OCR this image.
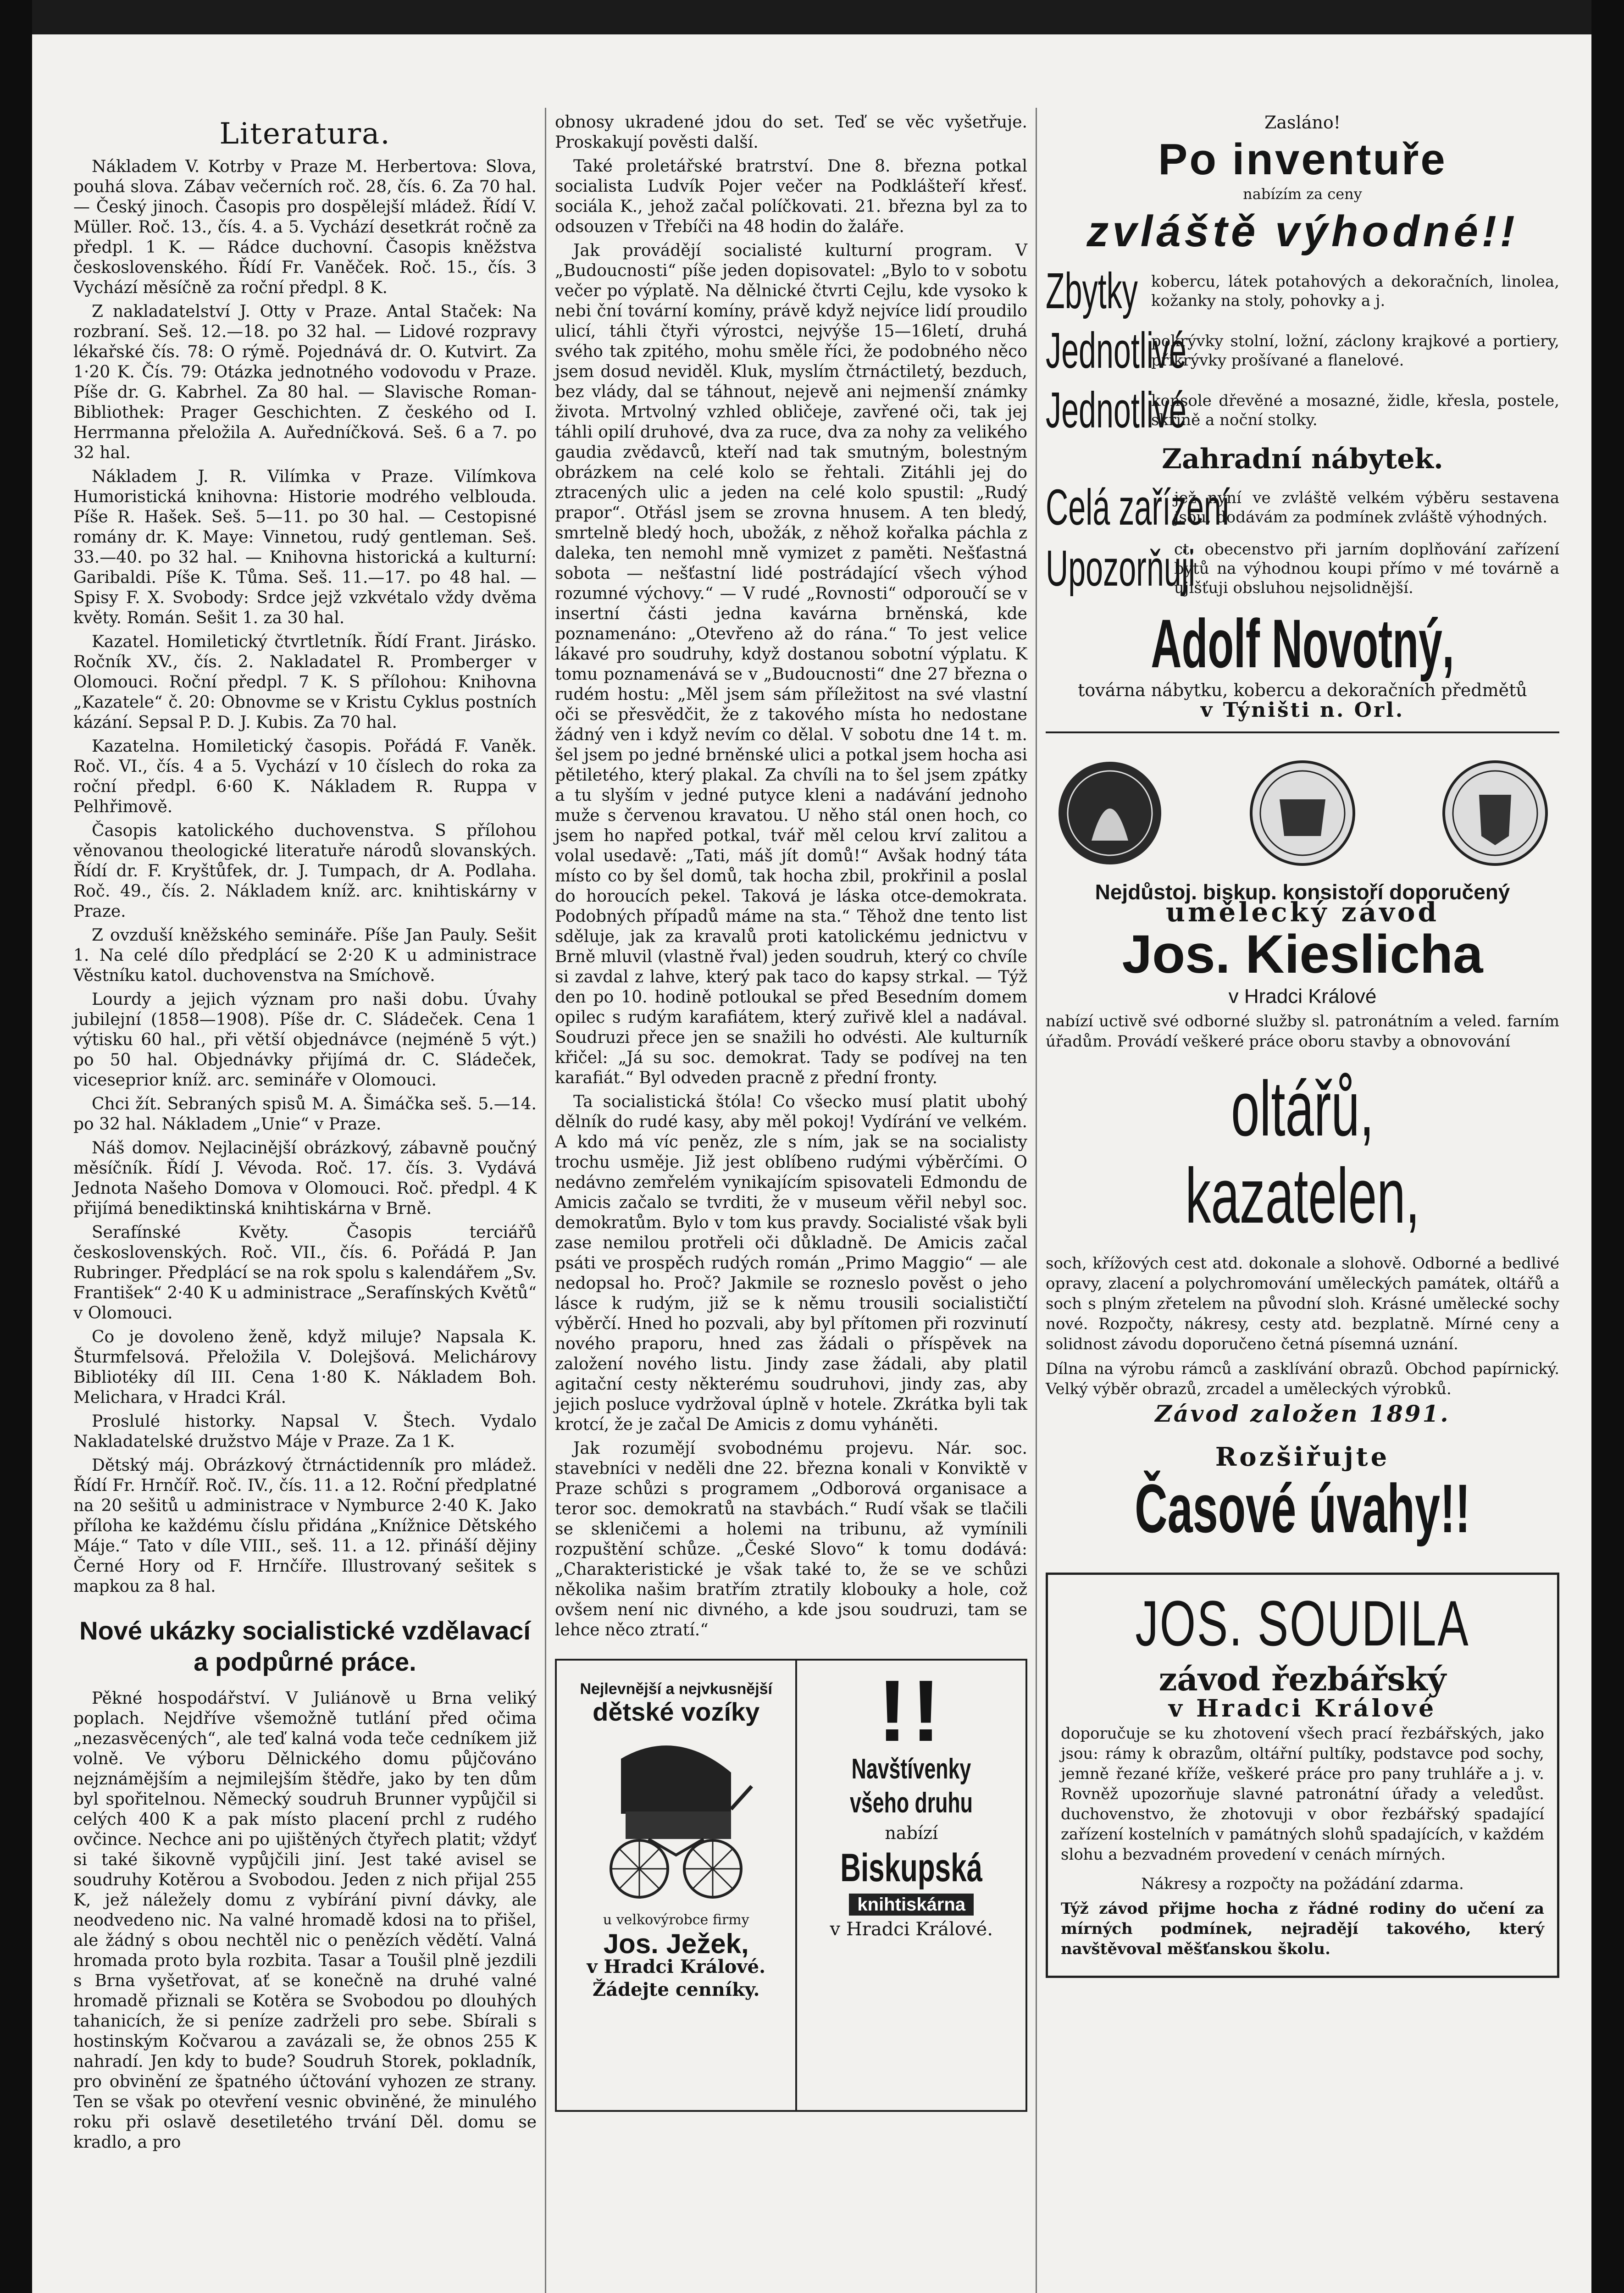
Literatura.

Nákladem V. Kotrby v Praze M. Herbertova: Slova, pouhá slova. Zábav večerních roč. 28, čís. 6. Za 70 hal. — Český jinoch. Časopis pro dospělejší mládež. Řídí V. Müller. Roč. 13., čís. 4. a 5. Vychází desetkrát ročně za předpl. 1 K. — Rádce duchovní. Časopis kněžstva československého. Řídí Fr. Vaněček. Roč. 15., čís. 3 Vychází měsíčně za roční předpl. 8 K.

Z nakladatelství J. Otty v Praze. Antal Staček: Na rozbraní. Seš. 12.—18. po 32 hal. — Lidové rozpravy lékařské čís. 78: O rýmě. Pojednává dr. O. Kutvirt. Za 1·20 K. Čís. 79: Otázka jednotného vodovodu v Praze. Píše dr. G. Kabrhel. Za 80 hal. — Slavische Roman-Bibliothek: Prager Geschichten. Z českého od I. Herrmanna přeložila A. Auředníčková. Seš. 6 a 7. po 32 hal.

Nákladem J. R. Vilímka v Praze. Vilímkova Humoristická knihovna: Historie modrého velblouda. Píše R. Hašek. Seš. 5—11. po 30 hal. — Cestopisné romány dr. K. Maye: Vinnetou, rudý gentleman. Seš. 33.—40. po 32 hal. — Knihovna historická a kulturní: Garibaldi. Píše K. Tůma. Seš. 11.—17. po 48 hal. — Spisy F. X. Svobody: Srdce jejž vzkvétalo vždy dvěma květy. Román. Sešit 1. za 30 hal.

Kazatel. Homiletický čtvrtletník. Řídí Frant. Jirásko. Ročník XV., čís. 2. Nakladatel R. Promberger v Olomouci. Roční předpl. 7 K. S přílohou: Knihovna „Kazatele“ č. 20: Obnovme se v Kristu Cyklus postních kázání. Sepsal P. D. J. Kubis. Za 70 hal.

Kazatelna. Homiletický časopis. Pořádá F. Vaněk. Roč. VI., čís. 4 a 5. Vychází v 10 číslech do roka za roční předpl. 6·60 K. Nákladem R. Ruppa v Pelhřimově.

Časopis katolického duchovenstva. S přílohou věnovanou theologické literatuře národů slovanských. Řídí dr. F. Kryštůfek, dr. J. Tumpach, dr A. Podlaha. Roč. 49., čís. 2. Nákladem kníž. arc. knihtiskárny v Praze.

Z ovzduší kněžského semináře. Píše Jan Pauly. Sešit 1. Na celé dílo předplácí se 2·20 K u administrace Věstníku katol. duchovenstva na Smíchově.

Lourdy a jejich význam pro naši dobu. Úvahy jubilejní (1858—1908). Píše dr. C. Sládeček. Cena 1 výtisku 60 hal., při větší objednávce (nejméně 5 výt.) po 50 hal. Objednávky přijímá dr. C. Sládeček, viceseprior kníž. arc. semináře v Olomouci.

Chci žít. Sebraných spisů M. A. Šimáčka seš. 5.—14. po 32 hal. Nákladem „Unie“ v Praze.

Náš domov. Nejlacinější obrázkový, zábavně poučný měsíčník. Řídí J. Vévoda. Roč. 17. čís. 3. Vydává Jednota Našeho Domova v Olomouci. Roč. předpl. 4 K přijímá benediktinská knihtiskárna v Brně.

Serafínské Květy. Časopis terciářů československých. Roč. VII., čís. 6. Pořádá P. Jan Rubringer. Předplácí se na rok spolu s kalendářem „Sv. František“ 2·40 K u administrace „Serafínských Květů“ v Olomouci.

Co je dovoleno ženě, když miluje? Napsala K. Šturmfelsová. Přeložila V. Dolejšová. Melichárovy Bibliotéky díl III. Cena 1·80 K. Nákladem Boh. Melichara, v Hradci Král.

Proslulé historky. Napsal V. Štech. Vydalo Nakladatelské družstvo Máje v Praze. Za 1 K.

Dětský máj. Obrázkový čtrnáctidenník pro mládež. Řídí Fr. Hrnčíř. Roč. IV., čís. 11. a 12. Roční předplatné na 20 sešitů u administrace v Nymburce 2·40 K. Jako příloha ke každému číslu přidána „Knížnice Dětského Máje.“ Tato v díle VIII., seš. 11. a 12. přináší dějiny Černé Hory od F. Hrnčíře. Illustrovaný sešitek s mapkou za 8 hal.

Nové ukázky socialistické vzdělavací a podpůrné práce.

Pěkné hospodářství. V Juliánově u Brna veliký poplach. Nejdříve všemožně tutlání před očima „nezasvěcených“, ale teď kalná voda teče cedníkem již volně. Ve výboru Dělnického domu půjčováno nejznámějším a nejmilejším štědře, jako by ten dům byl spořitelnou. Německý soudruh Brunner vypůjčil si celých 400 K a pak místo placení prchl z rudého ovčince. Nechce ani po ujištěných čtyřech platit; vždyť si také šikovně vypůjčili jiní. Jest také avisel se soudruhy Kotěrou a Svobodou. Jeden z nich přijal 255 K, jež náležely domu z vybírání pivní dávky, ale neodvedeno nic. Na valné hromadě kdosi na to přišel, ale žádný s obou nechtěl nic o penězích vědětí. Valná hromada proto byla rozbita. Tasar a Toušil plně jezdili s Brna vyšetřovat, ať se konečně na druhé valné hromadě přiznali se Kotěra se Svobodou po dlouhých tahanicích, že si peníze zadrželi pro sebe. Sbírali s hostinským Kočvarou a zavázali se, že obnos 255 K nahradí. Jen kdy to bude? Soudruh Storek, pokladník, pro obvinění ze špatného účtování vyhozen ze strany. Ten se však po otevření vesnic obviněné, že minulého roku při oslavě desetiletého trvání Děl. domu se kradlo, a pro

obnosy ukradené jdou do set. Teď se věc vyšetřuje. Proskakují pověsti další.

Také proletářské bratrství. Dne 8. března potkal socialista Ludvík Pojer večer na Podklášteří křesť. sociála K., jehož začal políčkovati. 21. března byl za to odsouzen v Třebíči na 48 hodin do žaláře.

Jak provádějí socialisté kulturní program. V „Budoucnosti“ píše jeden dopisovatel: „Bylo to v sobotu večer po výplatě. Na dělnické čtvrti Cejlu, kde vysoko k nebi ční tovární komíny, právě když nejvíce lidí proudilo ulicí, táhli čtyři výrostci, nejvýše 15—16letí, druhá svého tak zpitého, mohu směle říci, že podobného něco jsem dosud neviděl. Kluk, myslím čtrnáctiletý, bezduch, bez vlády, dal se táhnout, nejevě ani nejmenší známky života. Mrtvolný vzhled obličeje, zavřené oči, tak jej táhli opilí druhové, dva za ruce, dva za nohy za velikého gaudia zvědavců, kteří nad tak smutným, bolestným obrázkem na celé kolo se řehtali. Zitáhli jej do ztracených ulic a jeden na celé kolo spustil: „Rudý prapor“. Otřásl jsem se zrovna hnusem. A ten bledý, smrtelně bledý hoch, ubožák, z něhož kořalka páchla z daleka, ten nemohl mně vymizet z paměti. Nešťastná sobota — nešťastní lidé postrádající všech výhod rozumné výchovy.“ — V rudé „Rovnosti“ odporoučí se v insertní části jedna kavárna brněnská, kde poznamenáno: „Otevřeno až do rána.“ To jest velice lákavé pro soudruhy, když dostanou sobotní výplatu. K tomu poznamenává se v „Budoucnosti“ dne 27 března o rudém hostu: „Měl jsem sám příležitost na své vlastní oči se přesvědčit, že z takového místa ho nedostane žádný ven i když nevím co dělal. V sobotu dne 14 t. m. šel jsem po jedné brněnské ulici a potkal jsem hocha asi pětiletého, který plakal. Za chvíli na to šel jsem zpátky a tu slyším v jedné putyce kleni a nadávání jednoho muže s červenou kravatou. U něho stál onen hoch, co jsem ho napřed potkal, tvář měl celou krví zalitou a volal usedavě: „Tati, máš jít domů!“ Avšak hodný táta místo co by šel domů, tak hocha zbil, prokřinil a poslal do horoucích pekel. Taková je láska otce-demokrata. Podobných případů máme na sta.“ Těhož dne tento list sděluje, jak za kravalů proti katolickému jednictvu v Brně mluvil (vlastně řval) jeden soudruh, který co chvíle si zavdal z lahve, který pak taco do kapsy strkal. — Týž den po 10. hodině potloukal se před Besedním domem opilec s rudým karafiátem, který zuřivě klel a nadával. Soudruzi přece jen se snažili ho odvésti. Ale kulturník křičel: „Já su soc. demokrat. Tady se podívej na ten karafiát.“ Byl odveden pracně z přední fronty.

Ta socialistická štóla! Co všecko musí platit ubohý dělník do rudé kasy, aby měl pokoj! Vydírání ve velkém. A kdo má víc peněz, zle s ním, jak se na socialisty trochu usměje. Již jest oblíbeno rudými výběrčími. O nedávno zemřelém vynikajícím spisovateli Edmondu de Amicis začalo se tvrditi, že v museum věřil nebyl soc. demokratům. Bylo v tom kus pravdy. Socialisté však byli zase nemilou protřeli oči důkladně. De Amicis začal psáti ve prospěch rudých román „Primo Maggio“ — ale nedopsal ho. Proč? Jakmile se rozneslo pověst o jeho lásce k rudým, již se k němu trousili socialističtí výběrčí. Hned ho pozvali, aby byl přítomen při rozvinutí nového praporu, hned zas žádali o příspěvek na založení nového listu. Jindy zase žádali, aby platil agitační cesty některému soudruhovi, jindy zas, aby jejich posluce vydržoval úplně v hotele. Zkrátka byli tak krotcí, že je začal De Amicis z domu vyháněti.

Jak rozumějí svobodnému projevu. Nár. soc. stavebníci v neděli dne 22. března konali v Konviktě v Praze schůzi s programem „Odborová organisace a teror soc. demokratů na stavbách.“ Rudí však se tlačili se skleničemi a holemi na tribunu, až vymínili rozpuštění schůze. „České Slovo“ k tomu dodává: „Charakteristické je však také to, že se ve schůzi několika našim bratřím ztratily klobouky a hole, což ovšem není nic divného, a kde jsou soudruzi, tam se lehce něco ztratí.“

Nejlevnější a nejvkusnější
dětské vozíky
u velkovýrobce firmy
Jos. Ježek,
v Hradci Králové.
Žádejte cenníky.
!!
Navštívenky
všeho druhu
nabízí
Biskupská
knihtiskárna
v Hradci Králové.
Zasláno!
Po inventuře
nabízím za ceny
zvláště výhodné!!
Zbytky kobercu, látek potahových a dekoračních, linolea, kožanky na stoly, pohovky a j.
Jednotlivé
pokrývky stolní, ložní, záclony krajkové a portiery, přikrývky prošívané a flanelové.
Jednotlivé
konsole dřevěné a mosazné, židle, křesla, postele, skříně a noční stolky.
Zahradní nábytek.
Celá zařízení
jež nyní ve zvláště velkém výběru sestavena jsou, dodávám za podmínek zvláště výhodných.
Upozorňuji
ct. obecenstvo při jarním doplňování zařízení bytů na výhodnou koupi přímo v mé továrně a ujišťuji obsluhou nejsolidnější.
Adolf Novotný,
továrna nábytku, kobercu a dekoračních předmětů
v Týništi n. Orl.
Nejdůstoj. biskup. konsistoří doporučený
umělecký závod
Jos. Kieslicha
v Hradci Králové

nabízí uctivě své odborné služby sl. patronátním a veled. farním úřadům. Provádí veškeré práce oboru stavby a obnovování

oltářů, kazatelen,

soch, křížových cest atd. dokonale a slohově. Odborné a bedlivé opravy, zlacení a polychromování uměleckých památek, oltářů a soch s plným zřetelem na původní sloh. Krásné umělecké sochy nové. Rozpočty, nákresy, cesty atd. bezplatně. Mírné ceny a solidnost závodu doporučeno četná písemná uznání.

Dílna na výrobu rámců a zasklívání obrazů. Obchod papírnický. Velký výběr obrazů, zrcadel a uměleckých výrobků.

Závod založen 1891.
Rozšiřujte
Časové úvahy!!
JOS. SOUDILA
závod řezbářský
v Hradci Králové

doporučuje se ku zhotovení všech prací řezbářských, jako jsou: rámy k obrazům, oltářní pultíky, podstavce pod sochy, jemně řezané kříže, veškeré práce pro pany truhláře a j. v. Rovněž upozorňuje slavné patronátní úřady a veledůst. duchovenstvo, že zhotovuji v obor řezbářský spadající zařízení kostelních v památných slohů spadajících, v každém slohu a bezvadném provedení v cenách mírných.

Nákresy a rozpočty na požádání zdarma.

Týž závod přijme hocha z řádné rodiny do učení za mírných podmínek, nejradějí takového, který navštěvoval měšťanskou školu.
